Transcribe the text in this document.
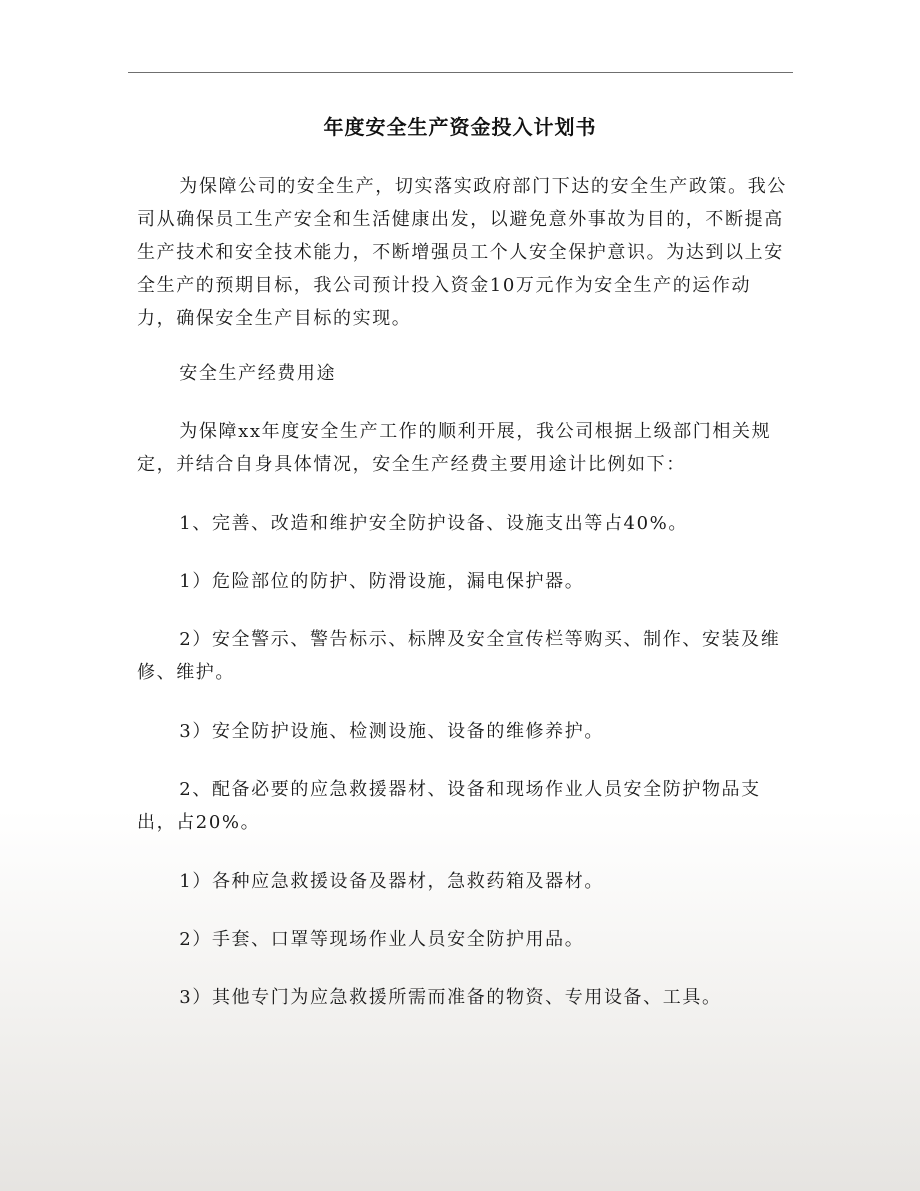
年度安全生产资金投入计划书

为保障公司的安全生产，切实落实政府部门下达的安全生产政策。我公司从确保员工生产安全和生活健康出发，以避免意外事故为目的，不断提高生产技术和安全技术能力，不断增强员工个人安全保护意识。为达到以上安全生产的预期目标，我公司预计投入资金10万元作为安全生产的运作动力，确保安全生产目标的实现。

安全生产经费用途

为保障xx年度安全生产工作的顺利开展，我公司根据上级部门相关规定，并结合自身具体情况，安全生产经费主要用途计比例如下：

1、完善、改造和维护安全防护设备、设施支出等占40%。

1）危险部位的防护、防滑设施，漏电保护器。

2）安全警示、警告标示、标牌及安全宣传栏等购买、制作、安装及维修、维护。

3）安全防护设施、检测设施、设备的维修养护。

2、配备必要的应急救援器材、设备和现场作业人员安全防护物品支出，占20%。

1）各种应急救援设备及器材，急救药箱及器材。

2）手套、口罩等现场作业人员安全防护用品。

3）其他专门为应急救援所需而准备的物资、专用设备、工具。
